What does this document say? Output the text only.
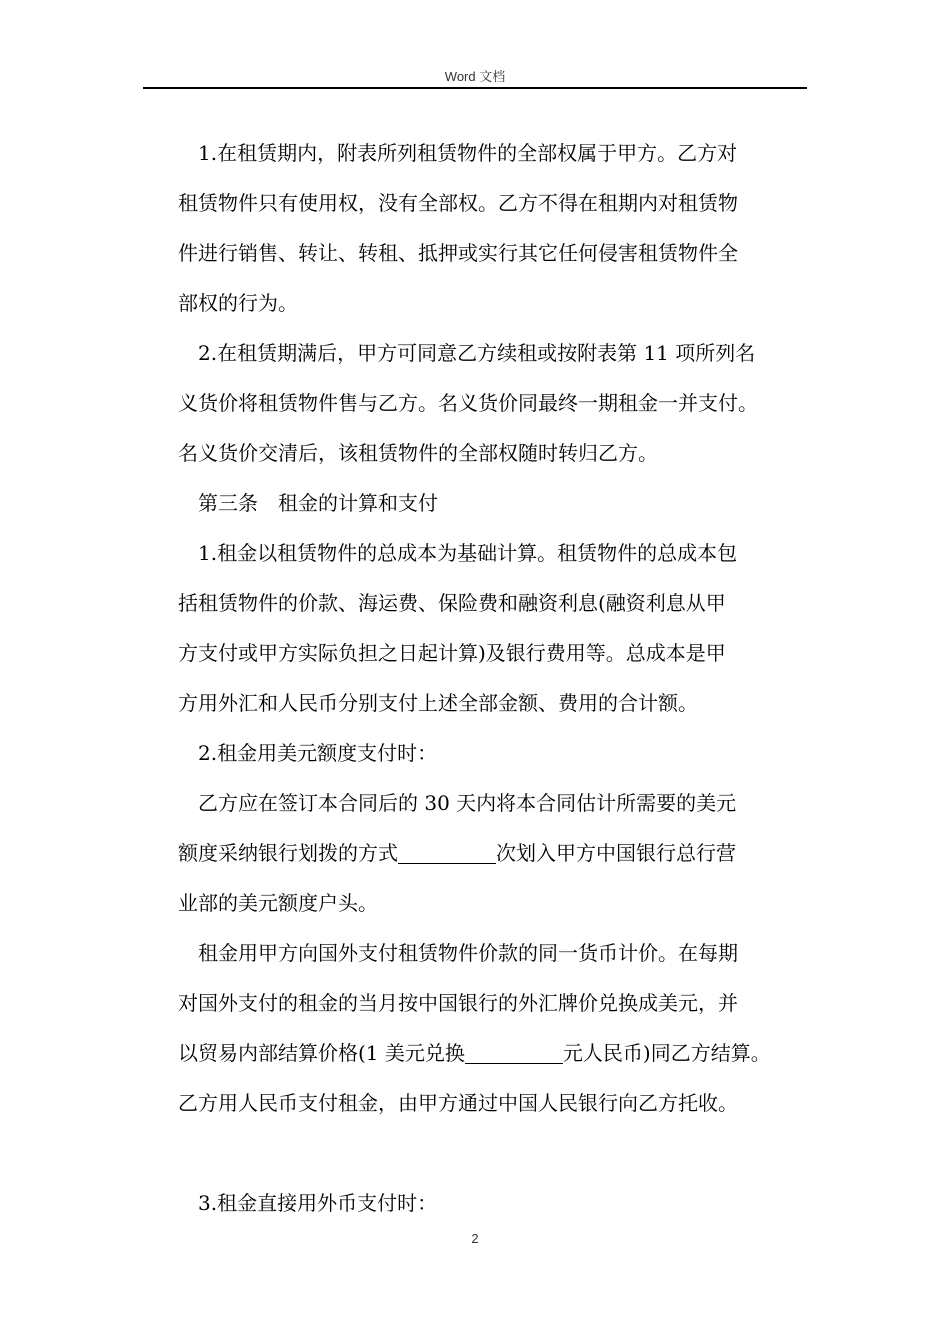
Word 文档
1.在租赁期内，附表所列租赁物件的全部权属于甲方。乙方对
租赁物件只有使用权，没有全部权。乙方不得在租期内对租赁物
件进行销售、转让、转租、抵押或实行其它任何侵害租赁物件全
部权的行为。
2.在租赁期满后，甲方可同意乙方续租或按附表第 11 项所列名
义货价将租赁物件售与乙方。名义货价同最终一期租金一并支付。
名义货价交清后，该租赁物件的全部权随时转归乙方。
第三条　租金的计算和支付
1.租金以租赁物件的总成本为基础计算。租赁物件的总成本包
括租赁物件的价款、海运费、保险费和融资利息(融资利息从甲
方支付或甲方实际负担之日起计算)及银行费用等。总成本是甲
方用外汇和人民币分别支付上述全部金额、费用的合计额。
2.租金用美元额度支付时：
乙方应在签订本合同后的 30 天内将本合同估计所需要的美元
额度采纳银行划拨的方式	次划入甲方中国银行总行营
业部的美元额度户头。
租金用甲方向国外支付租赁物件价款的同一货币计价。在每期
对国外支付的租金的当月按中国银行的外汇牌价兑换成美元，并
以贸易内部结算价格(1 美元兑换	元人民币)同乙方结算。
乙方用人民币支付租金，由甲方通过中国人民银行向乙方托收。
3.租金直接用外币支付时：
2
